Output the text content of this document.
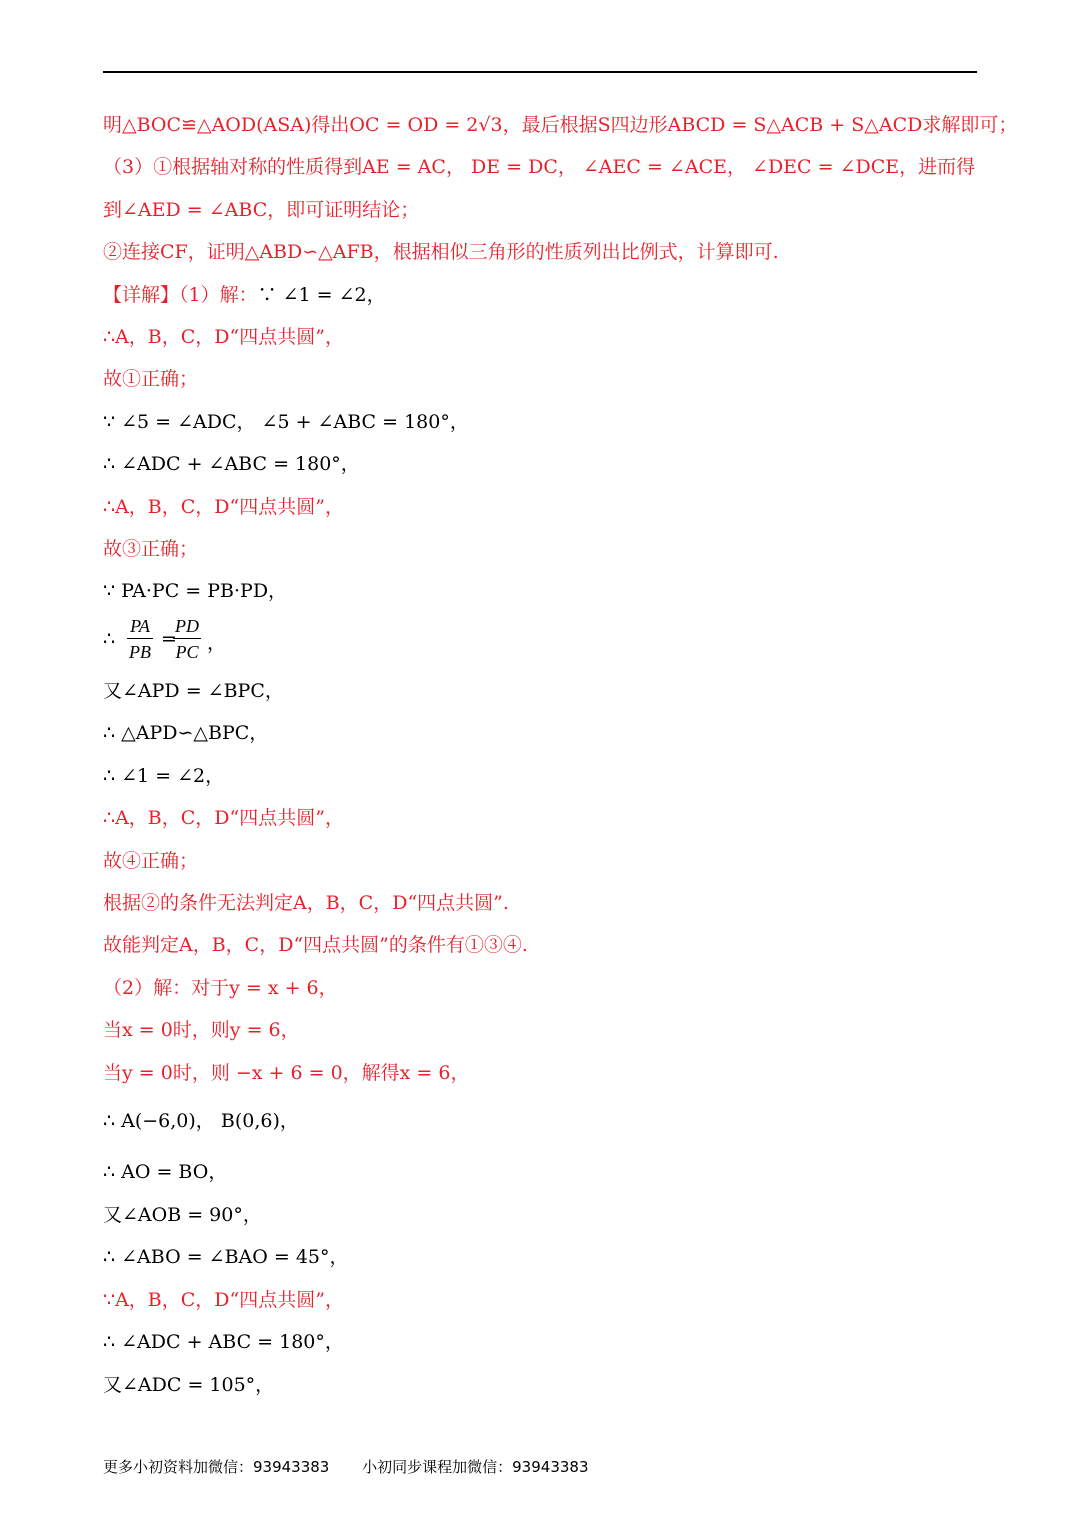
明△BOC≌△AOD(ASA)得出OC = OD = 2√3，最后根据S四边形ABCD = S△ACB + S△ACD求解即可；
（3）①根据轴对称的性质得到AE = AC， DE = DC， ∠AEC = ∠ACE， ∠DEC = ∠DCE，进而得
到∠AED = ∠ABC，即可证明结论；
②连接CF，证明△ABD∽△AFB，根据相似三角形的性质列出比例式，计算即可.
【详解】（1）解：∵ ∠1 = ∠2，
∴A，B，C，D“四点共圆”，
故①正确；
∵ ∠5 = ∠ADC， ∠5 + ∠ABC = 180°，
∴ ∠ADC + ∠ABC = 180°，
∴A，B，C，D“四点共圆”，
故③正确；
∵ PA·PC = PB·PD，
∴ $\frac{PA}{PB}$ =
$\frac{PD}{PC}$ ，
又∠APD = ∠BPC，
∴ △APD∽△BPC，
∴ ∠1 = ∠2，
∴A，B，C，D“四点共圆”，
故④正确；
根据②的条件无法判定A，B，C，D“四点共圆”.
故能判定A，B，C，D“四点共圆”的条件有①③④.
（2）解：对于y = x + 6，
当x = 0时，则y = 6，
当y = 0时，则 −x + 6 = 0，解得x = 6，
∴ A(−6,0)， B(0,6)，
∴ AO = BO，
又∠AOB = 90°，
∴ ∠ABO = ∠BAO = 45°，
∵A，B，C，D“四点共圆”，
∴ ∠ADC + ABC = 180°，
又∠ADC = 105°，
更多小初资料加微信：93943383 小初同步课程加微信：93943383
